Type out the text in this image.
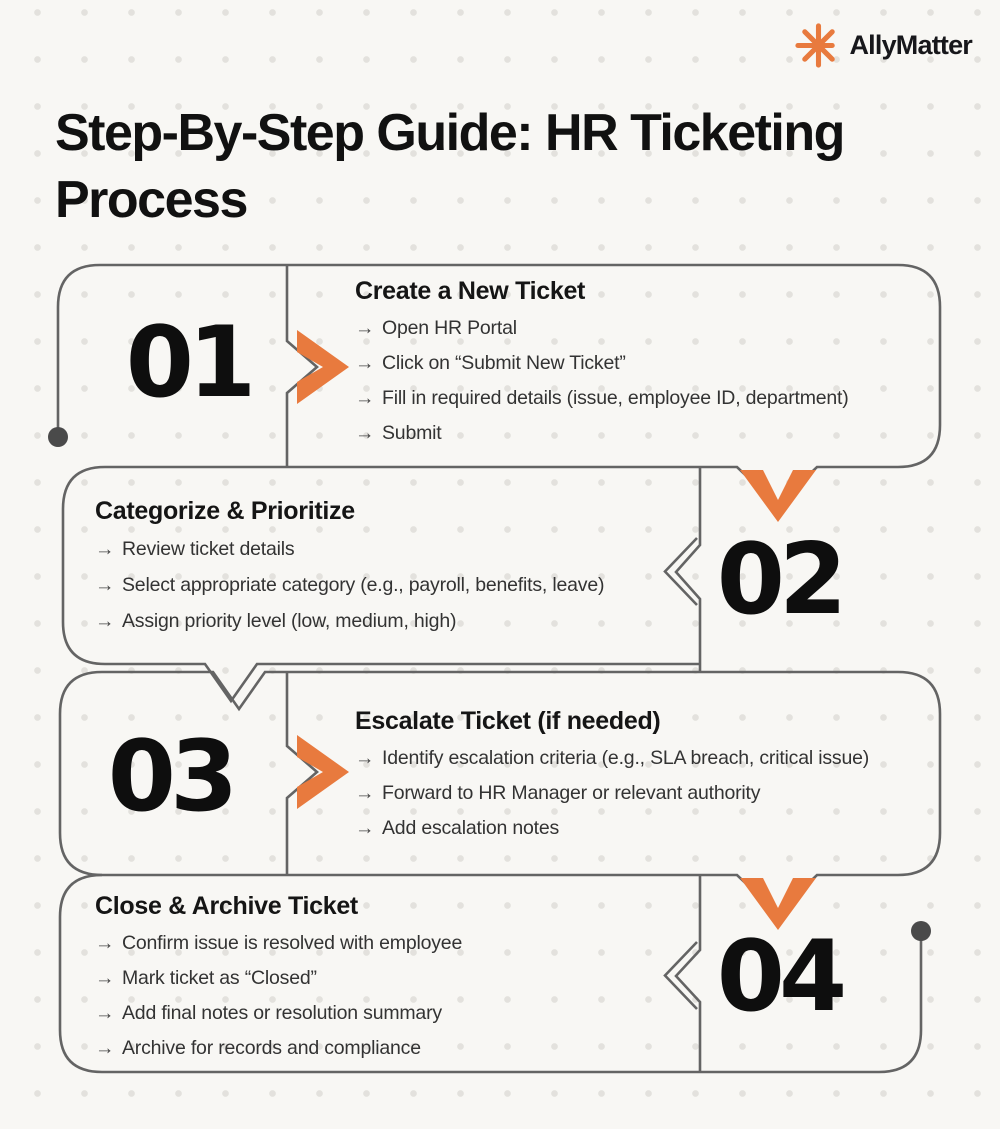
AllyMatter
Step-By-Step Guide: HR Ticketing
Process
01
02
03
04
Create a New Ticket
→ Open HR Portal
→ Click on “Submit New Ticket”
→ Fill in required details (issue, employee ID, department)
→ Submit
Categorize & Prioritize
→ Review ticket details
→ Select appropriate category (e.g., payroll, benefits, leave)
→ Assign priority level (low, medium, high)
Escalate Ticket (if needed)
→ Identify escalation criteria (e.g., SLA breach, critical issue)
→ Forward to HR Manager or relevant authority
→ Add escalation notes
Close & Archive Ticket
→ Confirm issue is resolved with employee
→ Mark ticket as “Closed”
→ Add final notes or resolution summary
→ Archive for records and compliance
